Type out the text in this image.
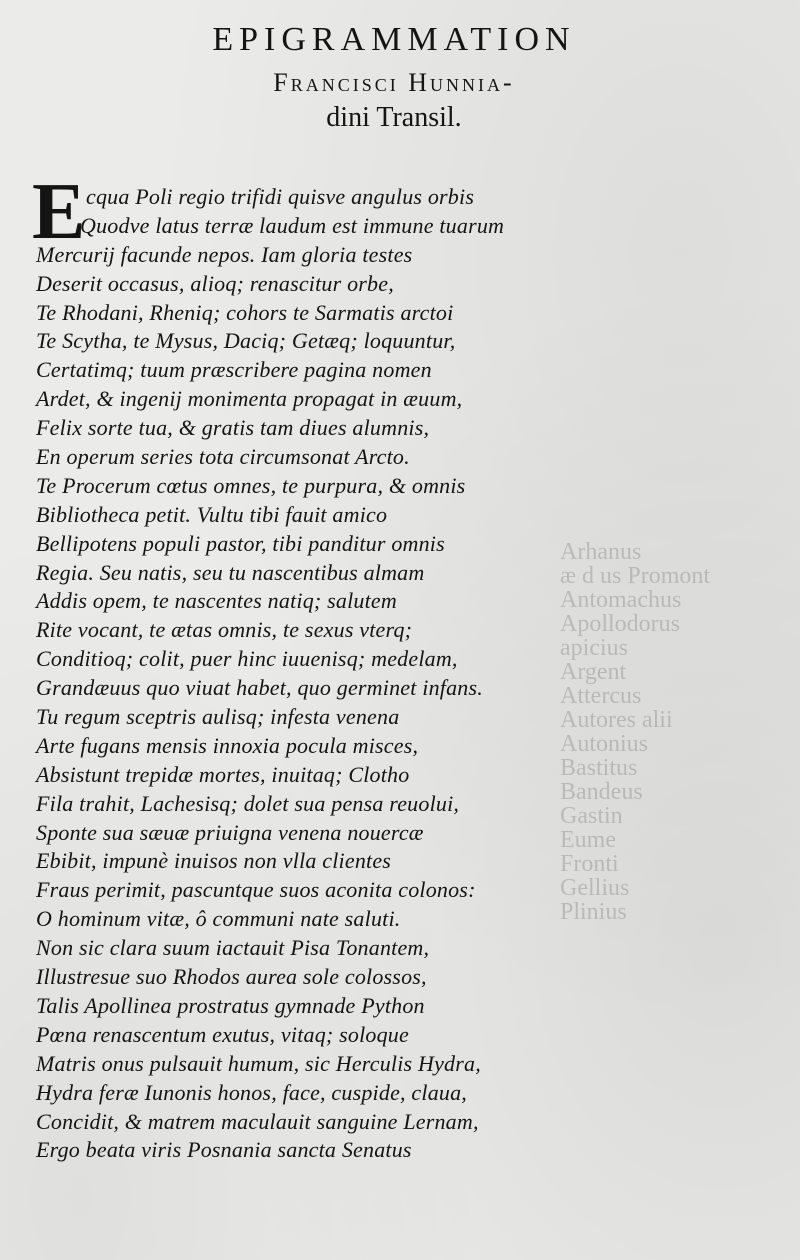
Arhanus
æ d us Promont
Antomachus
Apollodorus
apicius
Argent
Attercus
Autores alii
Autonius
Bastitus
Bandeus
Gastin
Eume
Fronti
Gellius
Plinius
EPIGRAMMATION
Francisci Hunnia-
dini Transil.
E cqua Poli regio trifidi quisve angulus orbis
Quodve latus terræ laudum est immune tuarum
Mercurij facunde nepos. Iam gloria testes
Deserit occasus, alioq; renascitur orbe,
Te Rhodani, Rheniq; cohors te Sarmatis arctoi
Te Scytha, te Mysus, Daciq; Getæq; loquuntur,
Certatimq; tuum præscribere pagina nomen
Ardet, & ingenij monimenta propagat in æuum,
Felix sorte tua, & gratis tam diues alumnis,
En operum series tota circumsonat Arcto.
Te Procerum cœtus omnes, te purpura, & omnis
Bibliotheca petit. Vultu tibi fauit amico
Bellipotens populi pastor, tibi panditur omnis
Regia. Seu natis, seu tu nascentibus almam
Addis opem, te nascentes natiq; salutem
Rite vocant, te ætas omnis, te sexus vterq;
Conditioq; colit, puer hinc iuuenisq; medelam,
Grandæuus quo viuat habet, quo germinet infans.
Tu regum sceptris aulisq; infesta venena
Arte fugans mensis innoxia pocula misces,
Absistunt trepidæ mortes, inuitaq; Clotho
Fila trahit, Lachesisq; dolet sua pensa reuolui,
Sponte sua sæuæ priuigna venena nouercæ
Ebibit, impunè inuisos non vlla clientes
Fraus perimit, pascuntque suos aconita colonos:
O hominum vitæ, ô communi nate saluti.
Non sic clara suum iactauit Pisa Tonantem,
Illustresue suo Rhodos aurea sole colossos,
Talis Apollinea prostratus gymnade Python
Pœna renascentum exutus, vitaq; soloque
Matris onus pulsauit humum, sic Herculis Hydra,
Hydra feræ Iunonis honos, face, cuspide, claua,
Concidit, & matrem maculauit sanguine Lernam,
Ergo beata viris Posnania sancta Senatus
